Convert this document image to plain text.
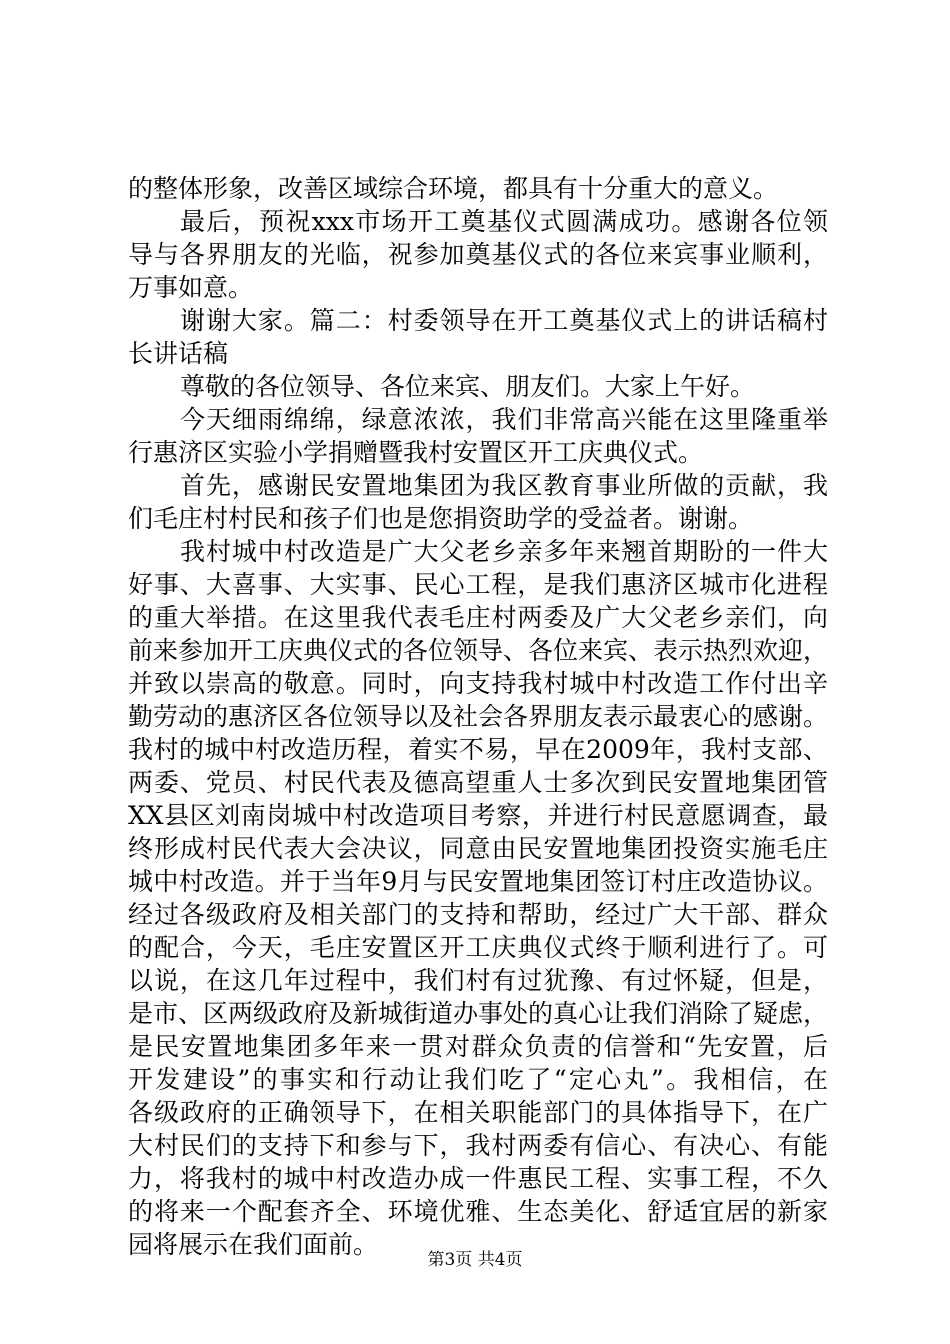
的整体形象，改善区域综合环境，都具有十分重大的意义。
最后，预祝xxx市场开工奠基仪式圆满成功。感谢各位领
导与各界朋友的光临，祝参加奠基仪式的各位来宾事业顺利，
万事如意。
谢谢大家。篇二：村委领导在开工奠基仪式上的讲话稿村
长讲话稿
尊敬的各位领导、各位来宾、朋友们。大家上午好。
今天细雨绵绵，绿意浓浓，我们非常高兴能在这里隆重举
行惠济区实验小学捐赠暨我村安置区开工庆典仪式。
首先，感谢民安置地集团为我区教育事业所做的贡献，我
们毛庄村村民和孩子们也是您捐资助学的受益者。谢谢。
我村城中村改造是广大父老乡亲多年来翘首期盼的一件大
好事、大喜事、大实事、民心工程，是我们惠济区城市化进程
的重大举措。在这里我代表毛庄村两委及广大父老乡亲们，向
前来参加开工庆典仪式的各位领导、各位来宾、表示热烈欢迎，
并致以崇高的敬意。同时，向支持我村城中村改造工作付出辛
勤劳动的惠济区各位领导以及社会各界朋友表示最衷心的感谢。
我村的城中村改造历程，着实不易，早在2009年，我村支部、
两委、党员、村民代表及德高望重人士多次到民安置地集团管
XX县区刘南岗城中村改造项目考察，并进行村民意愿调查，最
终形成村民代表大会决议，同意由民安置地集团投资实施毛庄
城中村改造。并于当年9月与民安置地集团签订村庄改造协议。
经过各级政府及相关部门的支持和帮助，经过广大干部、群众
的配合，今天，毛庄安置区开工庆典仪式终于顺利进行了。可
以说，在这几年过程中，我们村有过犹豫、有过怀疑，但是，
是市、区两级政府及新城街道办事处的真心让我们消除了疑虑，
是民安置地集团多年来一贯对群众负责的信誉和“先安置，后
开发建设”的事实和行动让我们吃了“定心丸”。我相信，在
各级政府的正确领导下，在相关职能部门的具体指导下，在广
大村民们的支持下和参与下，我村两委有信心、有决心、有能
力，将我村的城中村改造办成一件惠民工程、实事工程，不久
的将来一个配套齐全、环境优雅、生态美化、舒适宜居的新家
园将展示在我们面前。
第3页 共4页
